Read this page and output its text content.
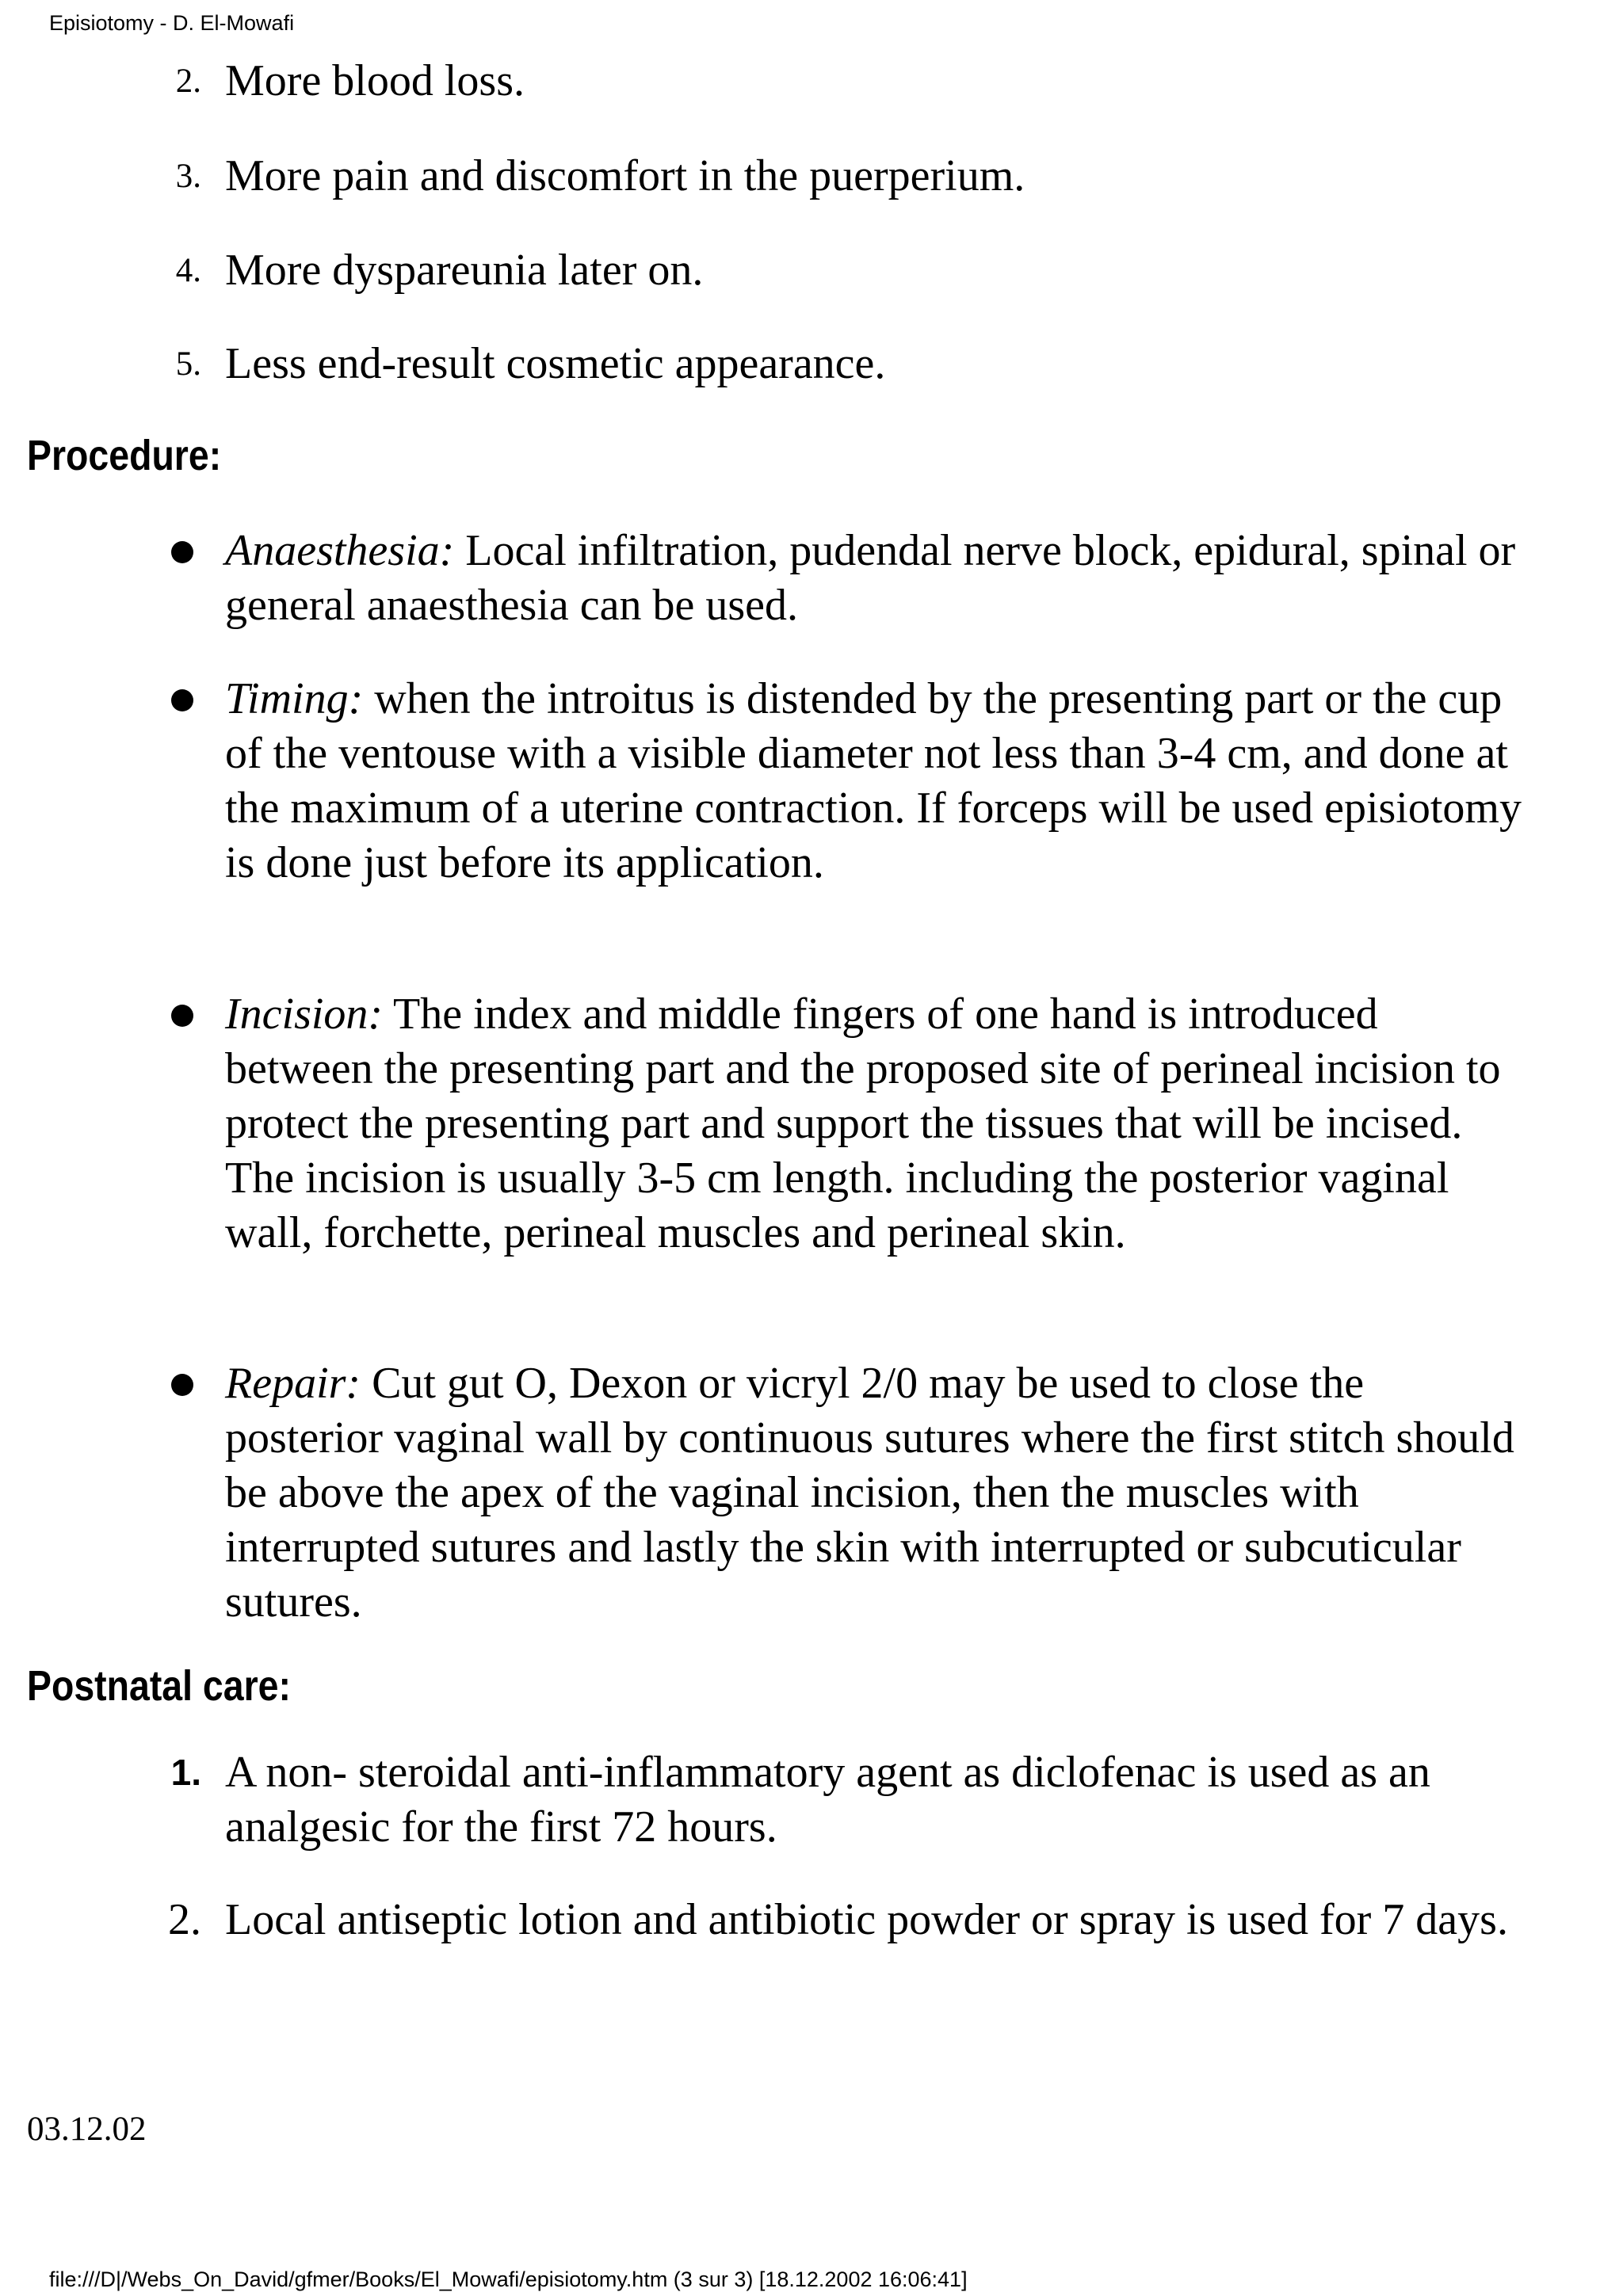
Episiotomy - D. El-Mowafi
2. More blood loss.
3. More pain and discomfort in the puerperium.
4. More dyspareunia later on.
5. Less end-result cosmetic appearance.
Procedure:
Anaesthesia: Local infiltration, pudendal nerve block, epidural, spinal or general anaesthesia can be used.
Timing: when the introitus is distended by the presenting part or the cup of the ventouse with a visible diameter not less than 3-4 cm, and done at the maximum of a uterine contraction. If forceps will be used episiotomy is done just before its application.
Incision: The index and middle fingers of one hand is introduced between the presenting part and the proposed site of perineal incision to protect the presenting part and support the tissues that will be incised. The incision is usually 3-5 cm length. including the posterior vaginal wall, forchette, perineal muscles and perineal skin.
Repair: Cut gut O, Dexon or vicryl 2/0 may be used to close the posterior vaginal wall by continuous sutures where the first stitch should be above the apex of the vaginal incision, then the muscles with interrupted sutures and lastly the skin with interrupted or subcuticular sutures.
Postnatal care:
1. A non- steroidal anti-inflammatory agent as diclofenac is used as an analgesic for the first 72 hours.
2. Local antiseptic lotion and antibiotic powder or spray is used for 7 days.
03.12.02
file:///D|/Webs_On_David/gfmer/Books/El_Mowafi/episiotomy.htm (3 sur 3) [18.12.2002 16:06:41]
